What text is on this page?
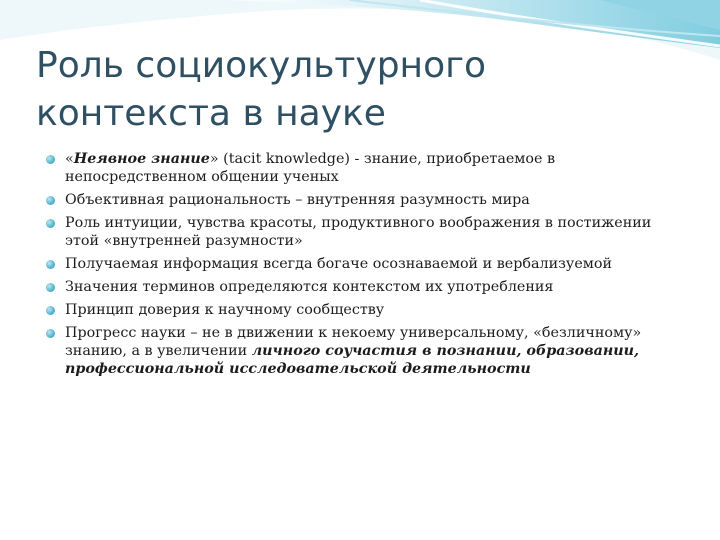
Роль социокультурного
контекста в науке
«Неявное знание» (tacit knowledge) - знание, приобретаемое в непосредственном общении ученых
Объективная рациональность – внутренняя разумность мира
Роль интуиции, чувства красоты, продуктивного воображения в постижении этой «внутренней разумности»
Получаемая информация всегда богаче осознаваемой и вербализуемой
Значения терминов определяются контекстом их употребления
Принцип доверия к научному сообществу
Прогресс науки – не в движении к некоему универсальному, «безличному» знанию, а в увеличении личного соучастия в познании, образовании, профессиональной исследовательской деятельности
